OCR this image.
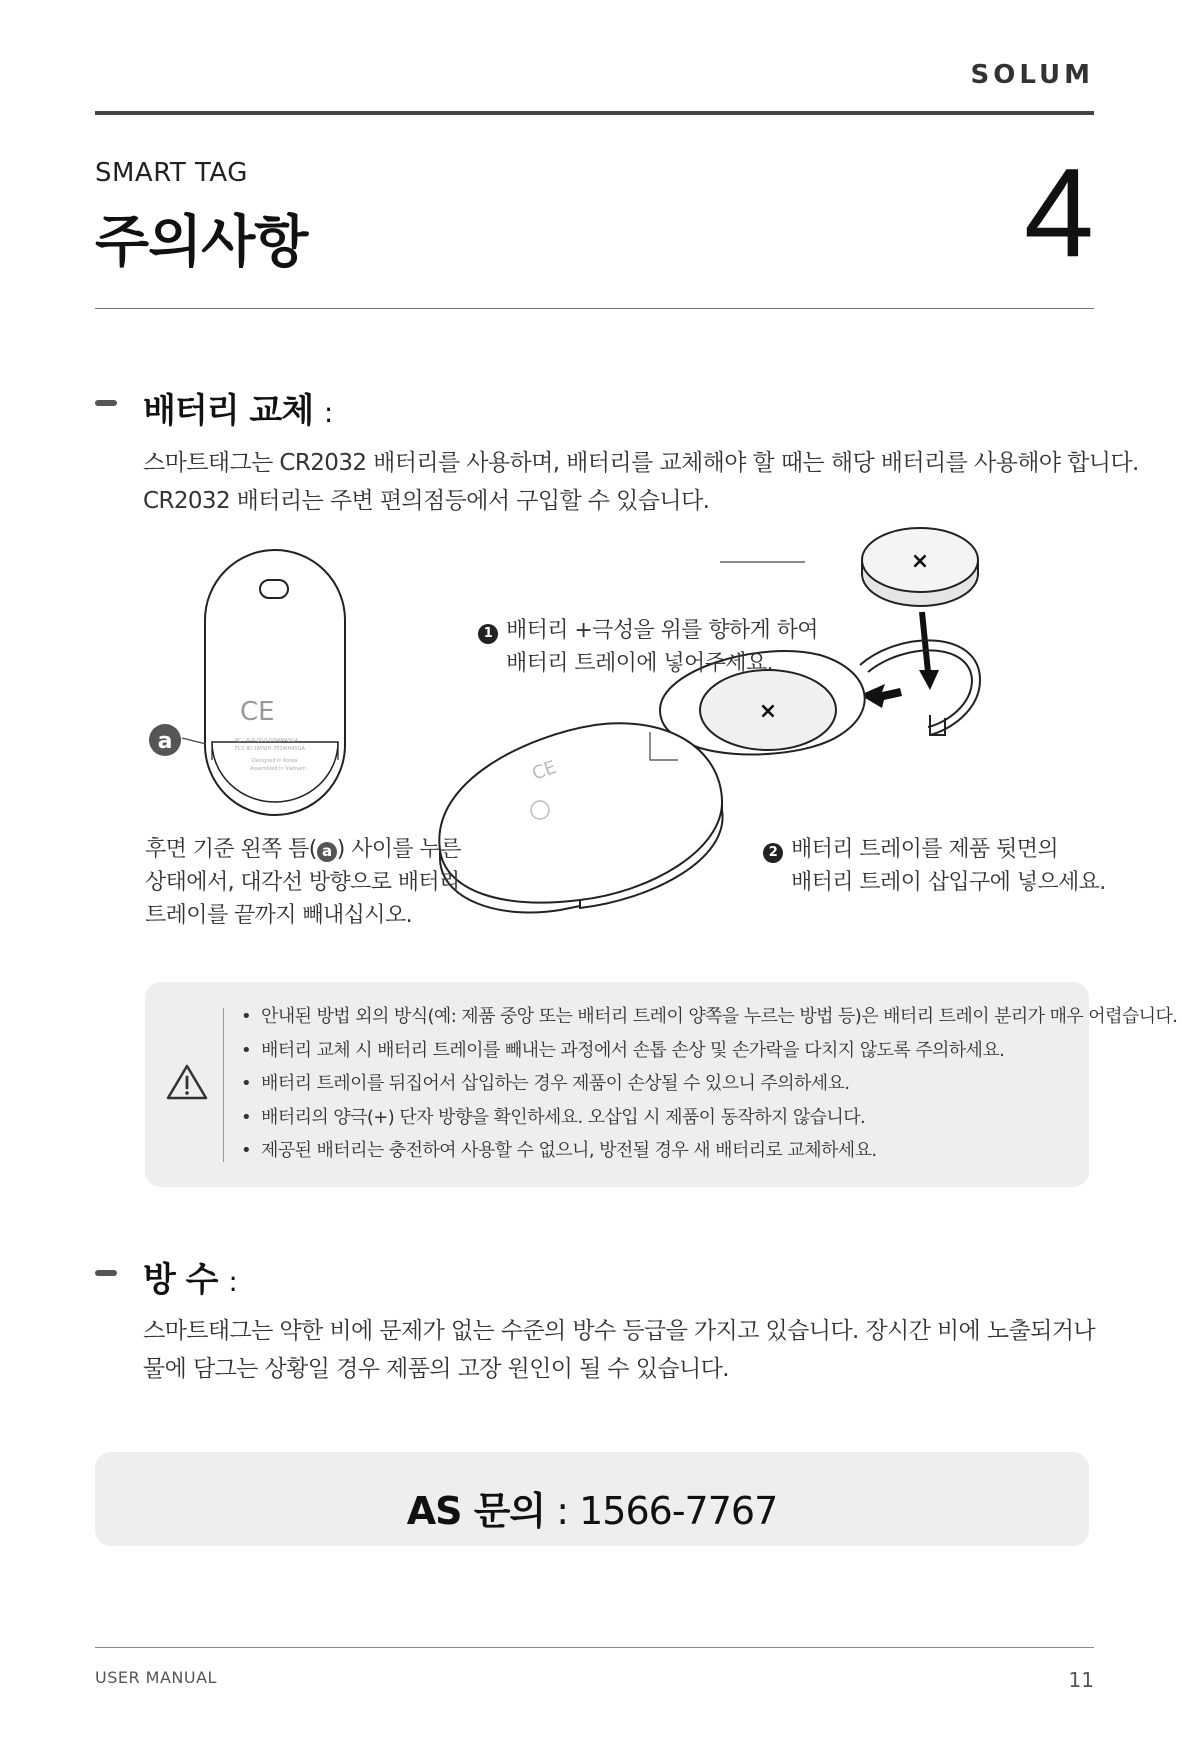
SOLUM
SMART TAG
주의사항	4
배터리 교체 :
스마트태그는 CR2032 배터리를 사용하며, 배터리를 교체해야 할 때는 해당 배터리를 사용해야 합니다.
CR2032 배터리는 주변 편의점등에서 구입할 수 있습니다.
CE
RC : R-R-SUU-S0WM45GA
FCC ID:2AYWH-7P2WH45GA
Designed in Korea
Assembled in Vietnam
a
×
×
CE
1 배터리 +극성을 위를 향하게 하여
배터리 트레이에 넣어주세요.
2 배터리 트레이를 제품 뒷면의
배터리 트레이 삽입구에 넣으세요.
후면 기준 왼쪽 틈( a ) 사이를 누른
상태에서, 대각선 방향으로 배터리
트레이를 끝까지 빼내십시오.
• 안내된 방법 외의 방식(예: 제품 중앙 또는 배터리 트레이 양쪽을 누르는 방법 등)은 배터리 트레이 분리가 매우 어렵습니다.
• 배터리 교체 시 배터리 트레이를 빼내는 과정에서 손톱 손상 및 손가락을 다치지 않도록 주의하세요.
• 배터리 트레이를 뒤집어서 삽입하는 경우 제품이 손상될 수 있으니 주의하세요.
• 배터리의 양극(+) 단자 방향을 확인하세요. 오삽입 시 제품이 동작하지 않습니다.
• 제공된 배터리는 충전하여 사용할 수 없으니, 방전될 경우 새 배터리로 교체하세요.
방 수 :
스마트태그는 약한 비에 문제가 없는 수준의 방수 등급을 가지고 있습니다. 장시간 비에 노출되거나
물에 담그는 상황일 경우 제품의 고장 원인이 될 수 있습니다.
AS 문의 : 1566-7767
USER MANUAL	11
